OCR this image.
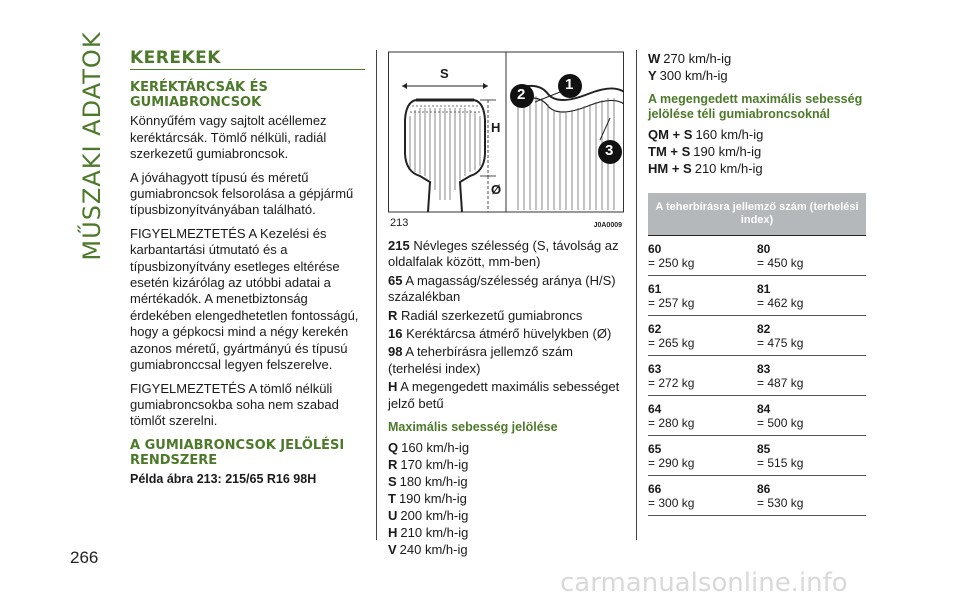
MŰSZAKI ADATOK
266
KEREKEK
KERÉKTÁRCSÁK ÉS GUMIABRONCSOK
Könnyűfém vagy sajtolt acéllemez keréktárcsák. Tömlő nélküli, radiál szerkezetű gumiabroncsok.
A jóváhagyott típusú és méretű gumiabroncsok felsorolása a gépjármű típusbizonyítványában található.
FIGYELMEZTETÉS A Kezelési és karbantartási útmutató és a típusbizonyítvány esetleges eltérése esetén kizárólag az utóbbi adatai a mértékadók. A menetbiztonság érdekében elengedhetetlen fontosságú, hogy a gépkocsi mind a négy kerekén azonos méretű, gyártmányú és típusú gumiabronccsal legyen felszerelve.
FIGYELMEZTETÉS A tömlő nélküli gumiabroncsokba soha nem szabad tömlőt szerelni.
A GUMIABRONCSOK JELÖLÉSI RENDSZERE
Példa ábra 213: 215/65 R16 98H
S
H
Ø
1
2
3
213	J0A0009
215 Névleges szélesség (S, távolság az oldalfalak között, mm-ben)
65 A magasság/szélesség aránya (H/S) százalékban
R Radiál szerkezetű gumiabroncs
16 Keréktárcsa átmérő hüvelykben (Ø)
98 A teherbírásra jellemző szám (terhelési index)
H A megengedett maximális sebességet jelző betű
Maximális sebesség jelölése
Q 160 km/h-ig
R 170 km/h-ig
S 180 km/h-ig
T 190 km/h-ig
U 200 km/h-ig
H 210 km/h-ig
V 240 km/h-ig
W 270 km/h-ig
Y 300 km/h-ig
A megengedett maximális sebesség jelölése téli gumiabroncsoknál
QM + S 160 km/h-ig
TM + S 190 km/h-ig
HM + S 210 km/h-ig
A teherbírásra jellemző szám (terhelési index)
60
= 250 kg
80
= 450 kg
61
= 257 kg
81
= 462 kg
62
= 265 kg
82
= 475 kg
63
= 272 kg
83
= 487 kg
64
= 280 kg
84
= 500 kg
65
= 290 kg
85
= 515 kg
66
= 300 kg
86
= 530 kg
carmanualsonline.info
